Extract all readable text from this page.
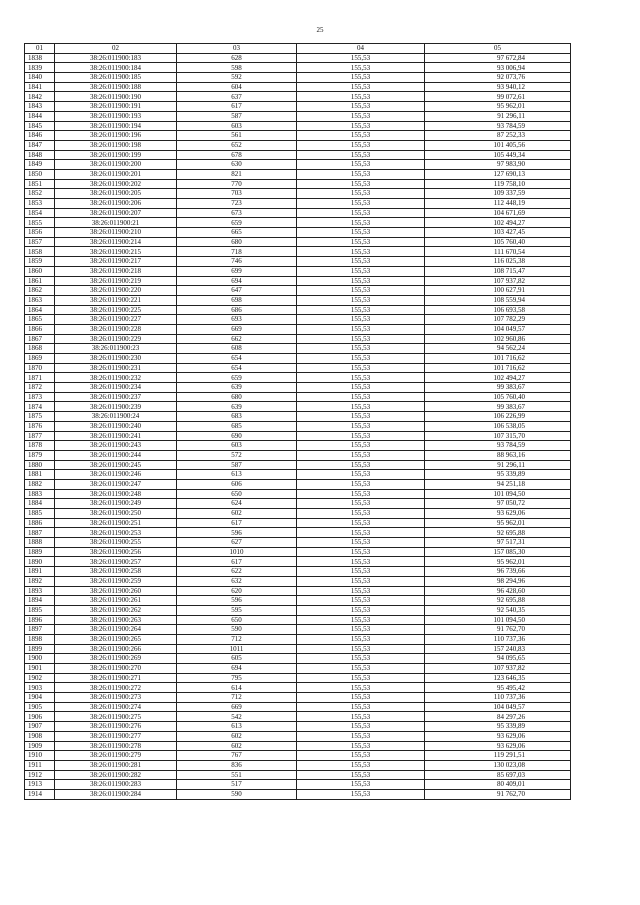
25
01	02	03	04	05
1838	38:26:011900:183	628	155,53	97 672,84
1839	38:26:011900:184	598	155,53	93 006,94
1840	38:26:011900:185	592	155,53	92 073,76
1841	38:26:011900:188	604	155,53	93 940,12
1842	38:26:011900:190	637	155,53	99 072,61
1843	38:26:011900:191	617	155,53	95 962,01
1844	38:26:011900:193	587	155,53	91 296,11
1845	38:26:011900:194	603	155,53	93 784,59
1846	38:26:011900:196	561	155,53	87 252,33
1847	38:26:011900:198	652	155,53	101 405,56
1848	38:26:011900:199	678	155,53	105 449,34
1849	38:26:011900:200	630	155,53	97 983,90
1850	38:26:011900:201	821	155,53	127 690,13
1851	38:26:011900:202	770	155,53	119 758,10
1852	38:26:011900:205	703	155,53	109 337,59
1853	38:26:011900:206	723	155,53	112 448,19
1854	38:26:011900:207	673	155,53	104 671,69
1855	38:26:011900:21	659	155,53	102 494,27
1856	38:26:011900:210	665	155,53	103 427,45
1857	38:26:011900:214	680	155,53	105 760,40
1858	38:26:011900:215	718	155,53	111 670,54
1859	38:26:011900:217	746	155,53	116 025,38
1860	38:26:011900:218	699	155,53	108 715,47
1861	38:26:011900:219	694	155,53	107 937,82
1862	38:26:011900:220	647	155,53	100 627,91
1863	38:26:011900:221	698	155,53	108 559,94
1864	38:26:011900:225	686	155,53	106 693,58
1865	38:26:011900:227	693	155,53	107 782,29
1866	38:26:011900:228	669	155,53	104 049,57
1867	38:26:011900:229	662	155,53	102 960,86
1868	38:26:011900:23	608	155,53	94 562,24
1869	38:26:011900:230	654	155,53	101 716,62
1870	38:26:011900:231	654	155,53	101 716,62
1871	38:26:011900:232	659	155,53	102 494,27
1872	38:26:011900:234	639	155,53	99 383,67
1873	38:26:011900:237	680	155,53	105 760,40
1874	38:26:011900:239	639	155,53	99 383,67
1875	38:26:011900:24	683	155,53	106 226,99
1876	38:26:011900:240	685	155,53	106 538,05
1877	38:26:011900:241	690	155,53	107 315,70
1878	38:26:011900:243	603	155,53	93 784,59
1879	38:26:011900:244	572	155,53	88 963,16
1880	38:26:011900:245	587	155,53	91 296,11
1881	38:26:011900:246	613	155,53	95 339,89
1882	38:26:011900:247	606	155,53	94 251,18
1883	38:26:011900:248	650	155,53	101 094,50
1884	38:26:011900:249	624	155,53	97 050,72
1885	38:26:011900:250	602	155,53	93 629,06
1886	38:26:011900:251	617	155,53	95 962,01
1887	38:26:011900:253	596	155,53	92 695,88
1888	38:26:011900:255	627	155,53	97 517,31
1889	38:26:011900:256	1010	155,53	157 085,30
1890	38:26:011900:257	617	155,53	95 962,01
1891	38:26:011900:258	622	155,53	96 739,66
1892	38:26:011900:259	632	155,53	98 294,96
1893	38:26:011900:260	620	155,53	96 428,60
1894	38:26:011900:261	596	155,53	92 695,88
1895	38:26:011900:262	595	155,53	92 540,35
1896	38:26:011900:263	650	155,53	101 094,50
1897	38:26:011900:264	590	155,53	91 762,70
1898	38:26:011900:265	712	155,53	110 737,36
1899	38:26:011900:266	1011	155,53	157 240,83
1900	38:26:011900:269	605	155,53	94 095,65
1901	38:26:011900:270	694	155,53	107 937,82
1902	38:26:011900:271	795	155,53	123 646,35
1903	38:26:011900:272	614	155,53	95 495,42
1904	38:26:011900:273	712	155,53	110 737,36
1905	38:26:011900:274	669	155,53	104 049,57
1906	38:26:011900:275	542	155,53	84 297,26
1907	38:26:011900:276	613	155,53	95 339,89
1908	38:26:011900:277	602	155,53	93 629,06
1909	38:26:011900:278	602	155,53	93 629,06
1910	38:26:011900:279	767	155,53	119 291,51
1911	38:26:011900:281	836	155,53	130 023,08
1912	38:26:011900:282	551	155,53	85 697,03
1913	38:26:011900:283	517	155,53	80 409,01
1914	38:26:011900:284	590	155,53	91 762,70
